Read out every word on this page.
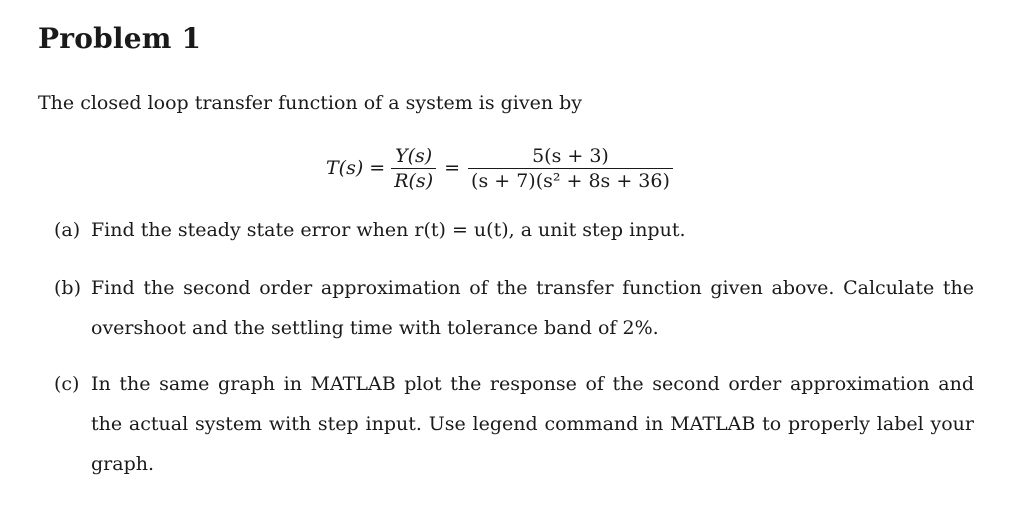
Problem 1
The closed loop transfer function of a system is given by
$T(s) = \frac{Y(s)}{R(s)} = \frac{5(s + 3)}{\text{(s + 7)(s² + 8s + 36)}}$
(a) Find the steady state error when r(t) = u(t), a unit step input.
(b) Find the second order approximation of the transfer function given above. Calculate the overshoot and the settling time with tolerance band of 2%.
(c) In the same graph in MATLAB plot the response of the second order approximation and the actual system with step input. Use legend command in MATLAB to properly label your graph.
